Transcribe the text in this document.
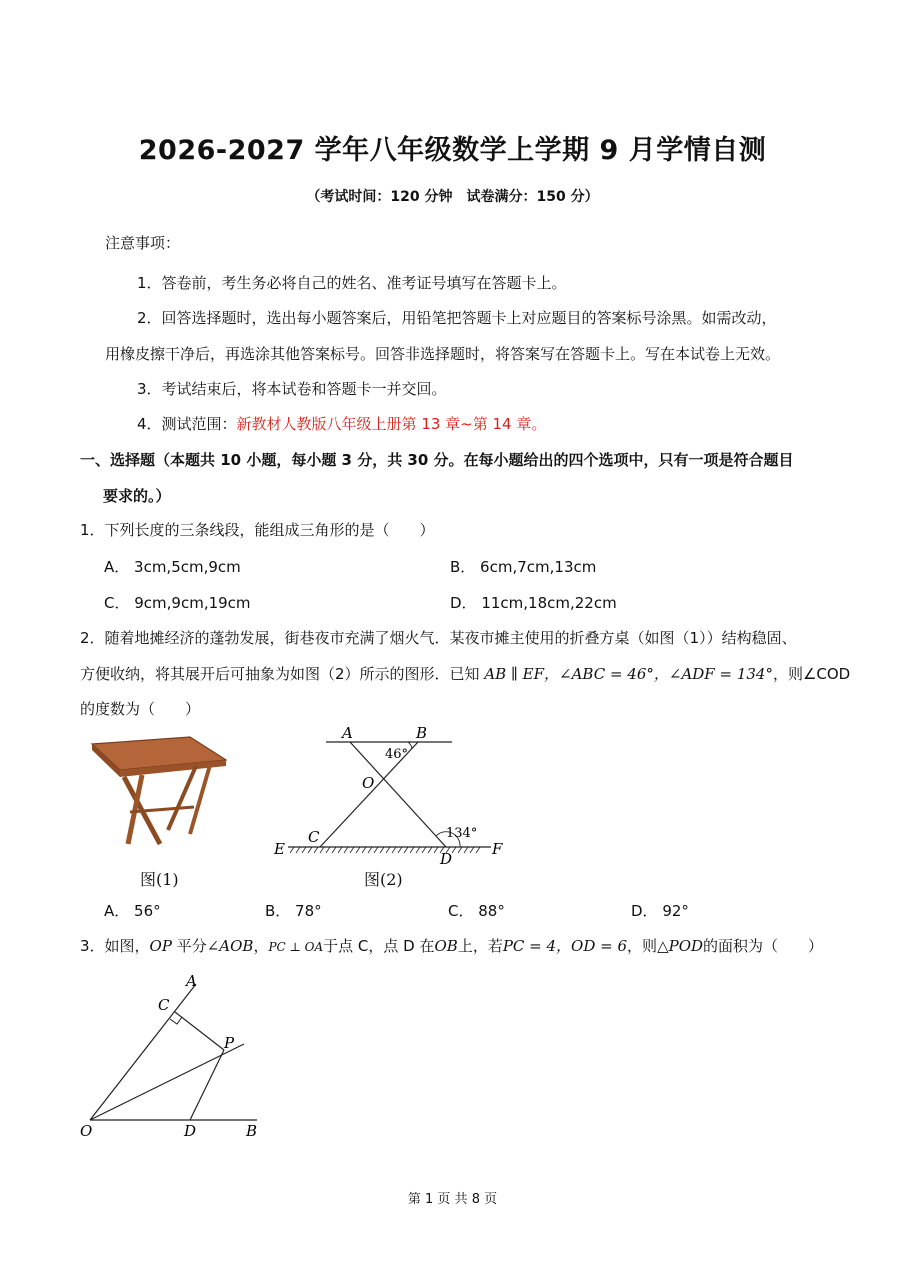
2026-2027 学年八年级数学上学期 9 月学情自测
（考试时间：120 分钟　试卷满分：150 分）
注意事项：
1．答卷前，考生务必将自己的姓名、准考证号填写在答题卡上。
2．回答选择题时，选出每小题答案后，用铅笔把答题卡上对应题目的答案标号涂黑。如需改动，
用橡皮擦干净后，再选涂其他答案标号。回答非选择题时，将答案写在答题卡上。写在本试卷上无效。
3．考试结束后，将本试卷和答题卡一并交回。
4．测试范围：新教材人教版八年级上册第 13 章~第 14 章。
一、选择题（本题共 10 小题，每小题 3 分，共 30 分。在每小题给出的四个选项中，只有一项是符合题目
要求的。）
1．下列长度的三条线段，能组成三角形的是（　　）
A． 3cm,5cm,9cm	B． 6cm,7cm,13cm
C． 9cm,9cm,19cm	D． 11cm,18cm,22cm
2．随着地摊经济的蓬勃发展，街巷夜市充满了烟火气．某夜市摊主使用的折叠方桌（如图（1））结构稳固、
方便收纳，将其展开后可抽象为如图（2）所示的图形．已知 AB ∥ EF，∠ABC = 46°，∠ADF = 134°，则∠COD
的度数为（　　）
图(1)
A	B
46°
O
C	134°
E	F
D
图(2)
A． 56°	B． 78°	C． 88°	D． 92°
3．如图，OP 平分∠AOB，PC ⊥ OA于点 C，点 D 在OB上，若PC = 4，OD = 6，则△POD的面积为（　　）
A
C
P
O	D	B
第 1 页 共 8 页
